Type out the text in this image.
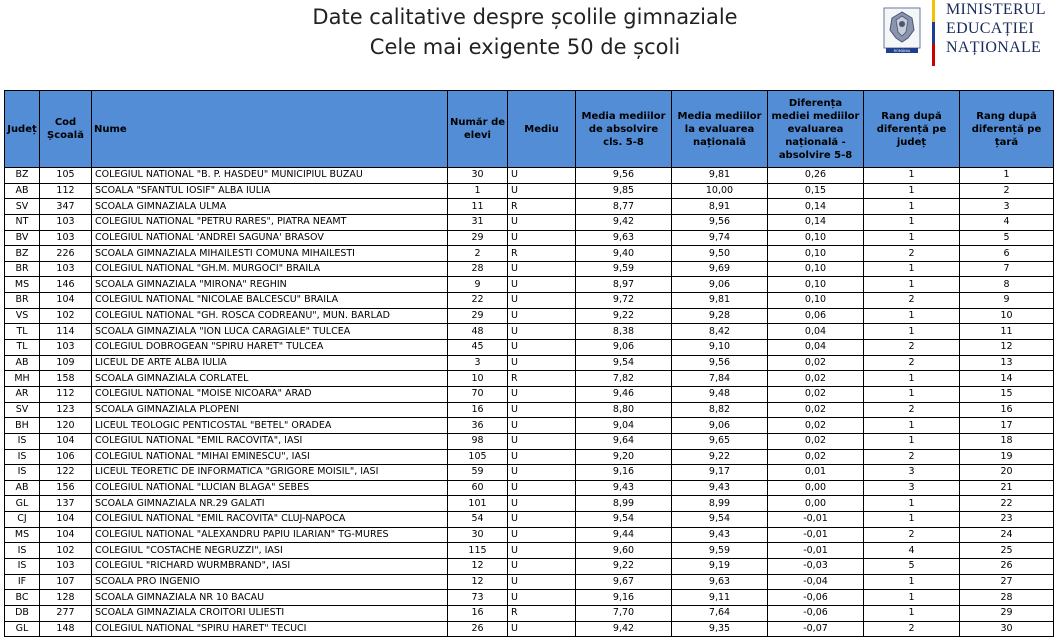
Date calitative despre școlile gimnaziale
Cele mai exigente 50 de școli	ROMÂNIA
MINISTERUL
EDUCAȚIEI
NAȚIONALE
Județ	Cod Școală	Nume	Număr de elevi	Mediu	Media mediilor de absolvire cls. 5-8	Media mediilor la evaluarea națională	Diferența mediei mediilor evaluarea națională - absolvire 5-8	Rang după diferență pe județ	Rang după diferență pe țară
BZ	105	COLEGIUL NATIONAL "B. P. HASDEU" MUNICIPIUL BUZAU	30	U	9,56	9,81	0,26	1	1
AB	112	SCOALA "SFANTUL IOSIF" ALBA IULIA	1	U	9,85	10,00	0,15	1	2
SV	347	SCOALA GIMNAZIALA ULMA	11	R	8,77	8,91	0,14	1	3
NT	103	COLEGIUL NATIONAL "PETRU RARES", PIATRA NEAMT	31	U	9,42	9,56	0,14	1	4
BV	103	COLEGIUL NATIONAL 'ANDREI SAGUNA' BRASOV	29	U	9,63	9,74	0,10	1	5
BZ	226	SCOALA GIMNAZIALA MIHAILESTI COMUNA MIHAILESTI	2	R	9,40	9,50	0,10	2	6
BR	103	COLEGIUL NATIONAL "GH.M. MURGOCI" BRAILA	28	U	9,59	9,69	0,10	1	7
MS	146	SCOALA GIMNAZIALA "MIRONA" REGHIN	9	U	8,97	9,06	0,10	1	8
BR	104	COLEGIUL NATIONAL "NICOLAE BALCESCU" BRAILA	22	U	9,72	9,81	0,10	2	9
VS	102	COLEGIUL NATIONAL "GH. ROSCA CODREANU", MUN. BARLAD	29	U	9,22	9,28	0,06	1	10
TL	114	SCOALA GIMNAZIALA "ION LUCA CARAGIALE" TULCEA	48	U	8,38	8,42	0,04	1	11
TL	103	COLEGIUL DOBROGEAN "SPIRU HARET" TULCEA	45	U	9,06	9,10	0,04	2	12
AB	109	LICEUL DE ARTE ALBA IULIA	3	U	9,54	9,56	0,02	2	13
MH	158	SCOALA GIMNAZIALA CORLATEL	10	R	7,82	7,84	0,02	1	14
AR	112	COLEGIUL NATIONAL "MOISE NICOARA" ARAD	70	U	9,46	9,48	0,02	1	15
SV	123	SCOALA GIMNAZIALA PLOPENI	16	U	8,80	8,82	0,02	2	16
BH	120	LICEUL TEOLOGIC PENTICOSTAL "BETEL" ORADEA	36	U	9,04	9,06	0,02	1	17
IS	104	COLEGIUL NATIONAL "EMIL RACOVITA", IASI	98	U	9,64	9,65	0,02	1	18
IS	106	COLEGIUL NATIONAL "MIHAI EMINESCU", IASI	105	U	9,20	9,22	0,02	2	19
IS	122	LICEUL TEORETIC DE INFORMATICA "GRIGORE MOISIL", IASI	59	U	9,16	9,17	0,01	3	20
AB	156	COLEGIUL NATIONAL "LUCIAN BLAGA" SEBES	60	U	9,43	9,43	0,00	3	21
GL	137	SCOALA GIMNAZIALA NR.29 GALATI	101	U	8,99	8,99	0,00	1	22
CJ	104	COLEGIUL NATIONAL "EMIL RACOVITA" CLUJ-NAPOCA	54	U	9,54	9,54	-0,01	1	23
MS	104	COLEGIUL NATIONAL "ALEXANDRU PAPIU ILARIAN" TG-MURES	30	U	9,44	9,43	-0,01	2	24
IS	102	COLEGIUL "COSTACHE NEGRUZZI", IASI	115	U	9,60	9,59	-0,01	4	25
IS	103	COLEGIUL "RICHARD WURMBRAND", IASI	12	U	9,22	9,19	-0,03	5	26
IF	107	SCOALA PRO INGENIO	12	U	9,67	9,63	-0,04	1	27
BC	128	SCOALA GIMNAZIALA NR 10 BACAU	73	U	9,16	9,11	-0,06	1	28
DB	277	SCOALA GIMNAZIALA CROITORI ULIESTI	16	R	7,70	7,64	-0,06	1	29
GL	148	COLEGIUL NATIONAL "SPIRU HARET" TECUCI	26	U	9,42	9,35	-0,07	2	30
